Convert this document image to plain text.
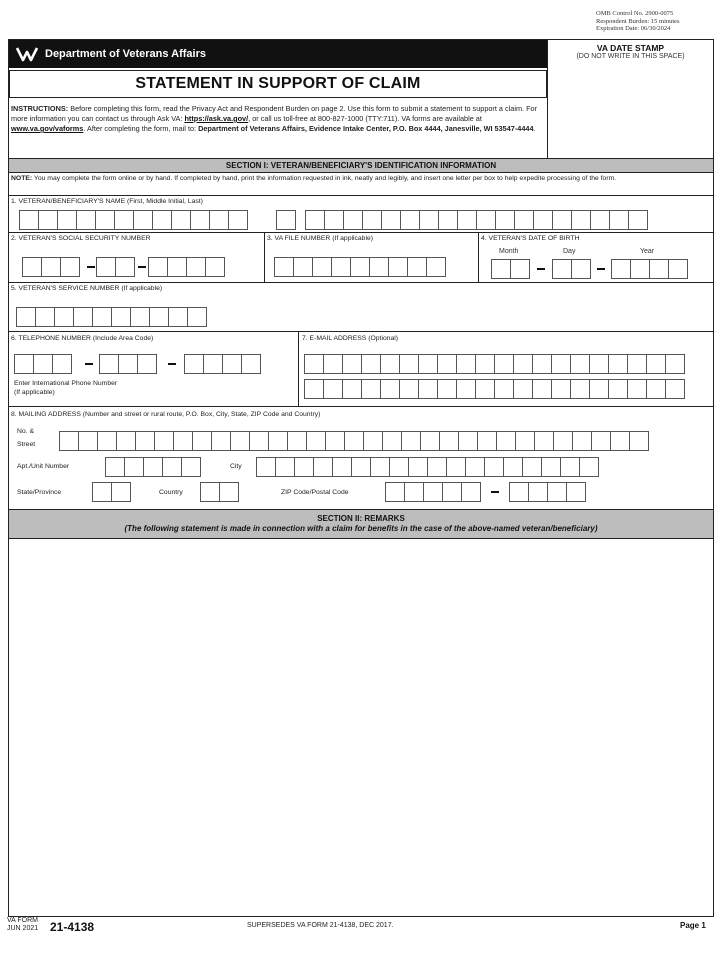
OMB Control No. 2900-0075
Respondent Burden: 15 minutes
Expiration Date: 06/30/2024
Department of Veterans Affairs
STATEMENT IN SUPPORT OF CLAIM
VA DATE STAMP
(DO NOT WRITE IN THIS SPACE)
INSTRUCTIONS: Before completing this form, read the Privacy Act and Respondent Burden on page 2. Use this form to submit a statement to support a claim. For more information you can contact us through Ask VA: https://ask.va.gov/, or call us toll-free at 800-827-1000 (TTY:711). VA forms are available at www.va.gov/vaforms. After completing the form, mail to: Department of Veterans Affairs, Evidence Intake Center, P.O. Box 4444, Janesville, WI 53547-4444.
SECTION I: VETERAN/BENEFICIARY'S IDENTIFICATION INFORMATION
NOTE: You may complete the form online or by hand. If completed by hand, print the information requested in ink, neatly and legibly, and insert one letter per box to help expedite processing of the form.
1. VETERAN/BENEFICIARY'S NAME (First, Middle Initial, Last)
2. VETERAN'S SOCIAL SECURITY NUMBER	3. VA FILE NUMBER (If applicable)	4. VETERAN'S DATE OF BIRTH
Month	Day	Year
5. VETERAN'S SERVICE NUMBER (If applicable)
6. TELEPHONE NUMBER (Include Area Code)
Enter International Phone Number
(If applicable)
7. E-MAIL ADDRESS (Optional)
8. MAILING ADDRESS (Number and street or rural route, P.O. Box, City, State, ZIP Code and Country)
No. &
Street
Apt./Unit Number	City
State/Province	Country	ZIP Code/Postal Code
SECTION II: REMARKS
(The following statement is made in connection with a claim for benefits in the case of the above-named veteran/beneficiary)
VA FORM
JUN 2021 21-4138	SUPERSEDES VA FORM 21-4138, DEC 2017.	Page 1
